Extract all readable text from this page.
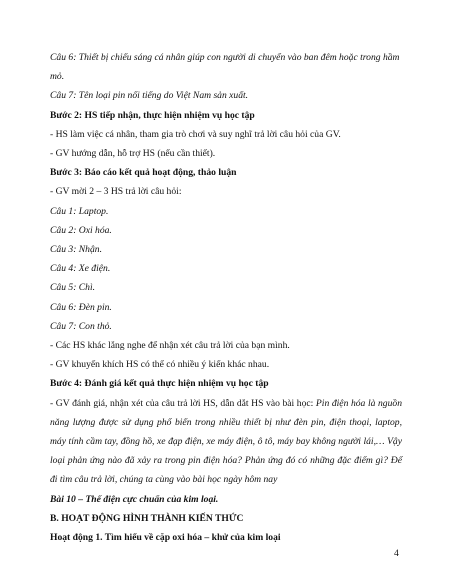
Câu 6: Thiết bị chiếu sáng cá nhân giúp con người di chuyển vào ban đêm hoặc trong hầm mỏ.

Câu 7: Tên loại pin nổi tiếng do Việt Nam sản xuất.

Bước 2: HS tiếp nhận, thực hiện nhiệm vụ học tập

- HS làm việc cá nhân, tham gia trò chơi và suy nghĩ trả lời câu hỏi của GV.

- GV hướng dẫn, hỗ trợ HS (nếu cần thiết).

Bước 3: Báo cáo kết quả hoạt động, thảo luận

- GV mời 2 – 3 HS trả lời câu hỏi:

Câu 1: Laptop.

Câu 2: Oxi hóa.

Câu 3: Nhận.

Câu 4: Xe điện.

Câu 5: Chì.

Câu 6: Đèn pin.

Câu 7: Con thỏ.

- Các HS khác lắng nghe để nhận xét câu trả lời của bạn mình.

- GV khuyến khích HS có thể có nhiều ý kiến khác nhau.

Bước 4: Đánh giá kết quả thực hiện nhiệm vụ học tập

- GV đánh giá, nhận xét của câu trả lời HS, dẫn dắt HS vào bài học: Pin điện hóa là nguồn năng lượng được sử dụng phổ biến trong nhiều thiết bị như đèn pin, điện thoại, laptop, máy tính cầm tay, đồng hồ, xe đạp điện, xe máy điện, ô tô, máy bay không người lái,… Vậy loại phản ứng nào đã xảy ra trong pin điện hóa? Phản ứng đó có những đặc điểm gì? Để đi tìm câu trả lời, chúng ta cùng vào bài học ngày hôm nay

Bài 10 – Thế điện cực chuẩn của kim loại.

B. HOẠT ĐỘNG HÌNH THÀNH KIẾN THỨC

Hoạt động 1. Tìm hiểu về cặp oxi hóa – khử của kim loại

4
